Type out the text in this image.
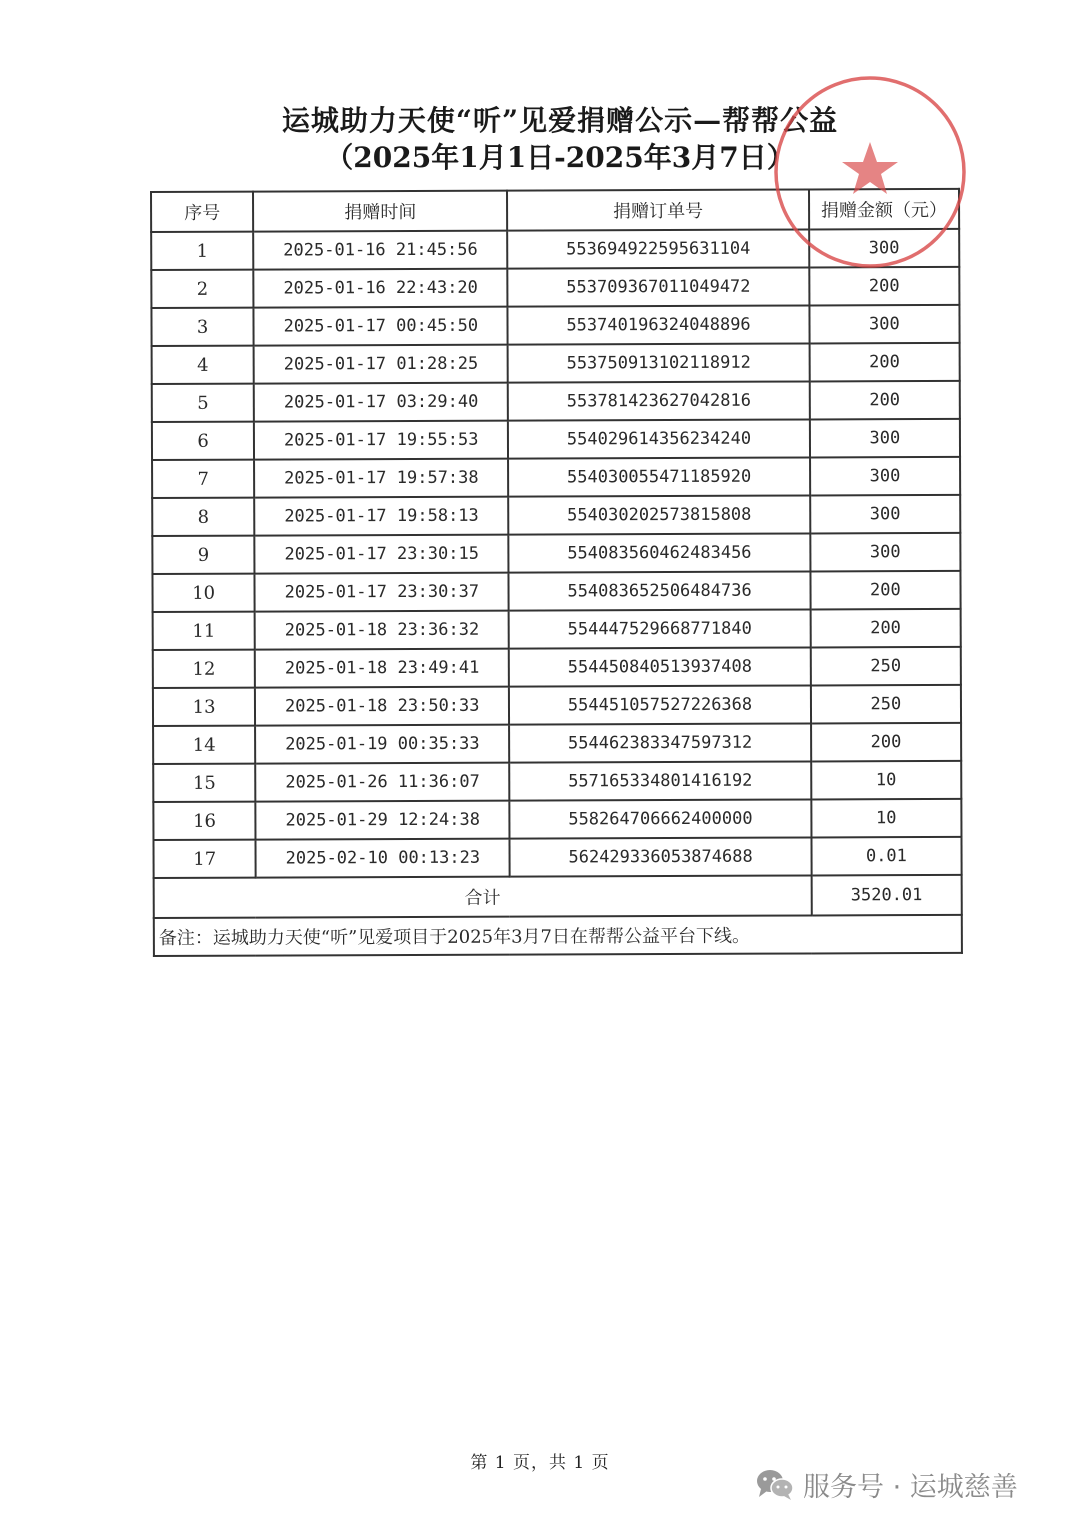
运城助力天使“听”见爱捐赠公示—帮帮公益
（2025年1月1日-2025年3月7日）
序号	捐赠时间	捐赠订单号	捐赠金额（元）
1	2025-01-16 21:45:56	553694922595631104	300
2	2025-01-16 22:43:20	553709367011049472	200
3	2025-01-17 00:45:50	553740196324048896	300
4	2025-01-17 01:28:25	553750913102118912	200
5	2025-01-17 03:29:40	553781423627042816	200
6	2025-01-17 19:55:53	554029614356234240	300
7	2025-01-17 19:57:38	554030055471185920	300
8	2025-01-17 19:58:13	554030202573815808	300
9	2025-01-17 23:30:15	554083560462483456	300
10	2025-01-17 23:30:37	554083652506484736	200
11	2025-01-18 23:36:32	554447529668771840	200
12	2025-01-18 23:49:41	554450840513937408	250
13	2025-01-18 23:50:33	554451057527226368	250
14	2025-01-19 00:35:33	554462383347597312	200
15	2025-01-26 11:36:07	557165334801416192	10
16	2025-01-29 12:24:38	558264706662400000	10
17	2025-02-10 00:13:23	562429336053874688	0.01
合计			3520.01
备注：运城助力天使“听”见爱项目于2025年3月7日在帮帮公益平台下线。			
第 1 页，共 1 页
服务号 · 运城慈善
